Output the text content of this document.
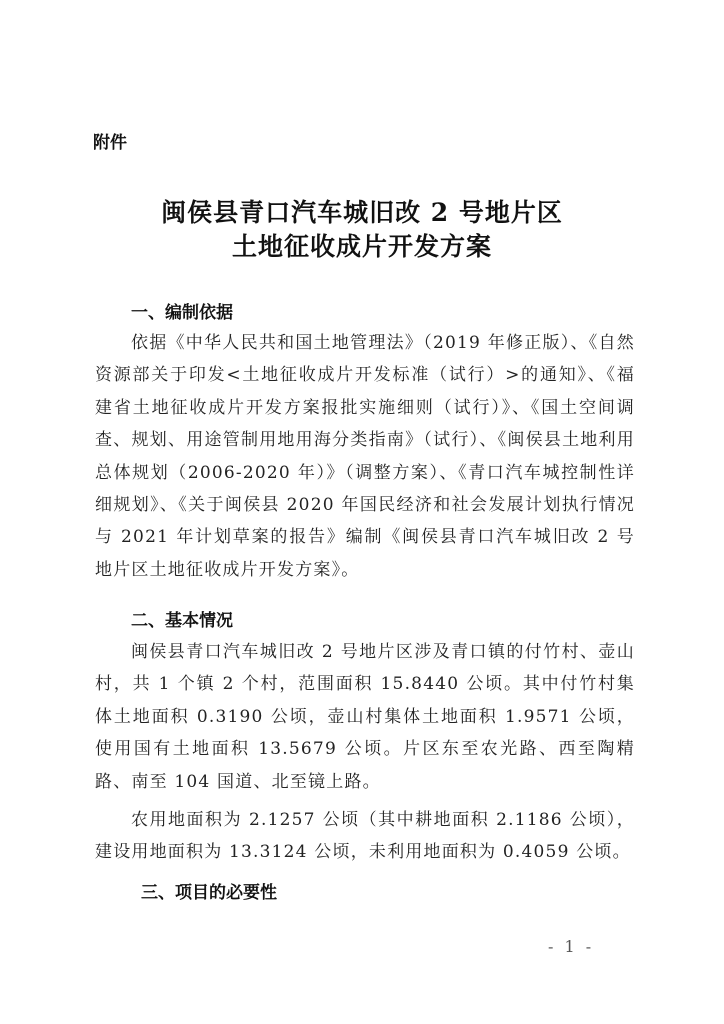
附件
闽侯县青口汽车城旧改 2 号地片区
土地征收成片开发方案
一、编制依据
依据《中华人民共和国土地管理法》（2019 年修正版）、《自然资源部关于印发<土地征收成片开发标准（试行）>的通知》、《福建省土地征收成片开发方案报批实施细则（试行）》、《国土空间调查、规划、用途管制用地用海分类指南》（试行）、《闽侯县土地利用总体规划（2006-2020 年）》（调整方案）、《青口汽车城控制性详细规划》、《关于闽侯县 2020 年国民经济和社会发展计划执行情况与 2021 年计划草案的报告》编制《闽侯县青口汽车城旧改 2 号地片区土地征收成片开发方案》。
二、基本情况
闽侯县青口汽车城旧改 2 号地片区涉及青口镇的付竹村、壶山村，共 1 个镇 2 个村，范围面积 15.8440 公顷。其中付竹村集体土地面积 0.3190 公顷，壶山村集体土地面积 1.9571 公顷，使用国有土地面积 13.5679 公顷。片区东至农光路、西至陶精路、南至 104 国道、北至镜上路。
农用地面积为 2.1257 公顷（其中耕地面积 2.1186 公顷），建设用地面积为 13.3124 公顷，未利用地面积为 0.4059 公顷。
三、项目的必要性
- 1 -
